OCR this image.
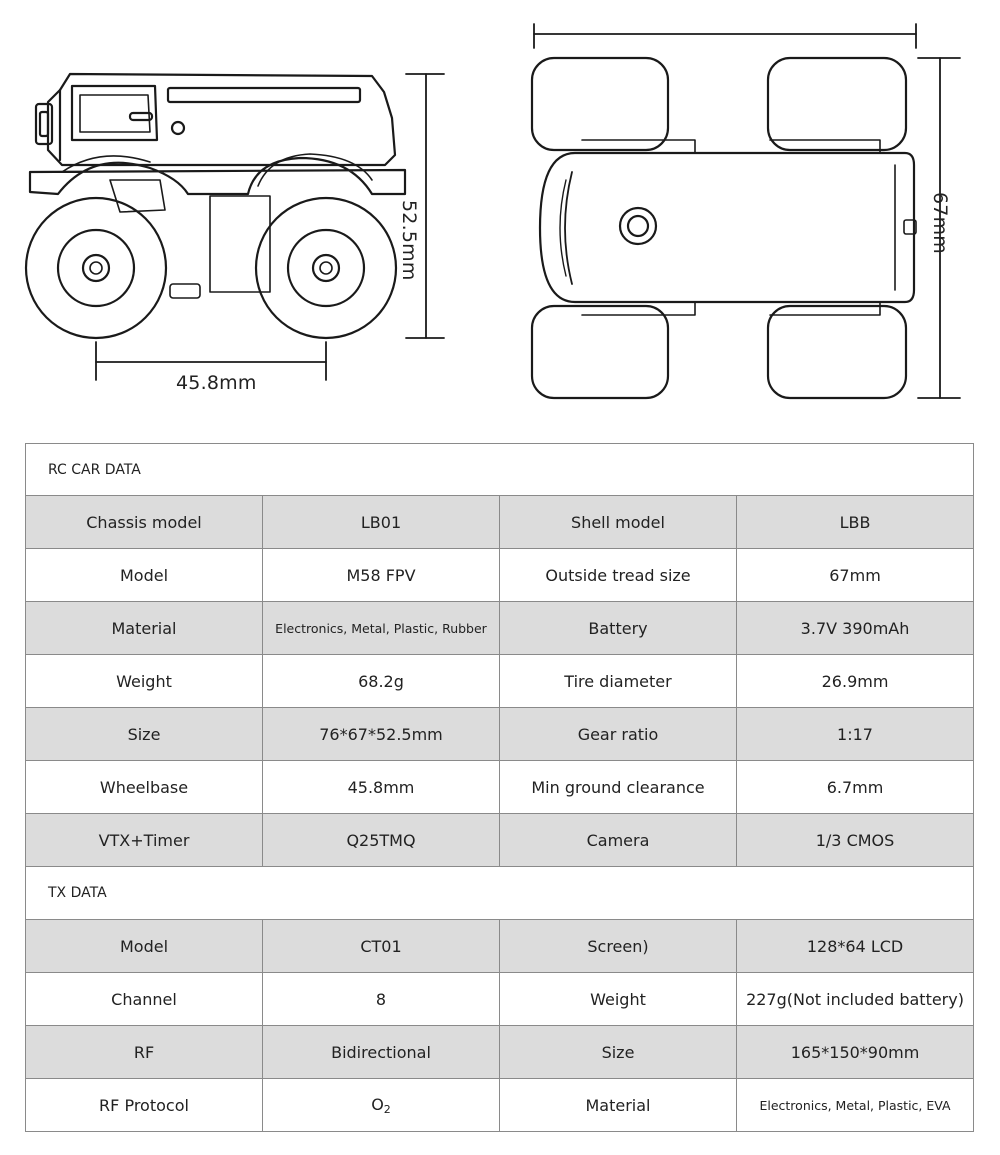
45.8mm
52.5mm	67mm
RC CAR DATA			
Chassis model	LB01	Shell model	LBB
Model	M58 FPV	Outside tread size	67mm
Material	Electronics, Metal, Plastic, Rubber	Battery	3.7V 390mAh
Weight	68.2g	Tire diameter	26.9mm
Size	76*67*52.5mm	Gear ratio	1:17
Wheelbase	45.8mm	Min ground clearance	6.7mm
VTX+Timer	Q25TMQ	Camera	1/3 CMOS
TX DATA			
Model	CT01	Screen)	128*64 LCD
Channel	8	Weight	227g(Not included battery)
RF	Bidirectional	Size	165*150*90mm
RF Protocol	$O_2$	Material	Electronics, Metal, Plastic, EVA
